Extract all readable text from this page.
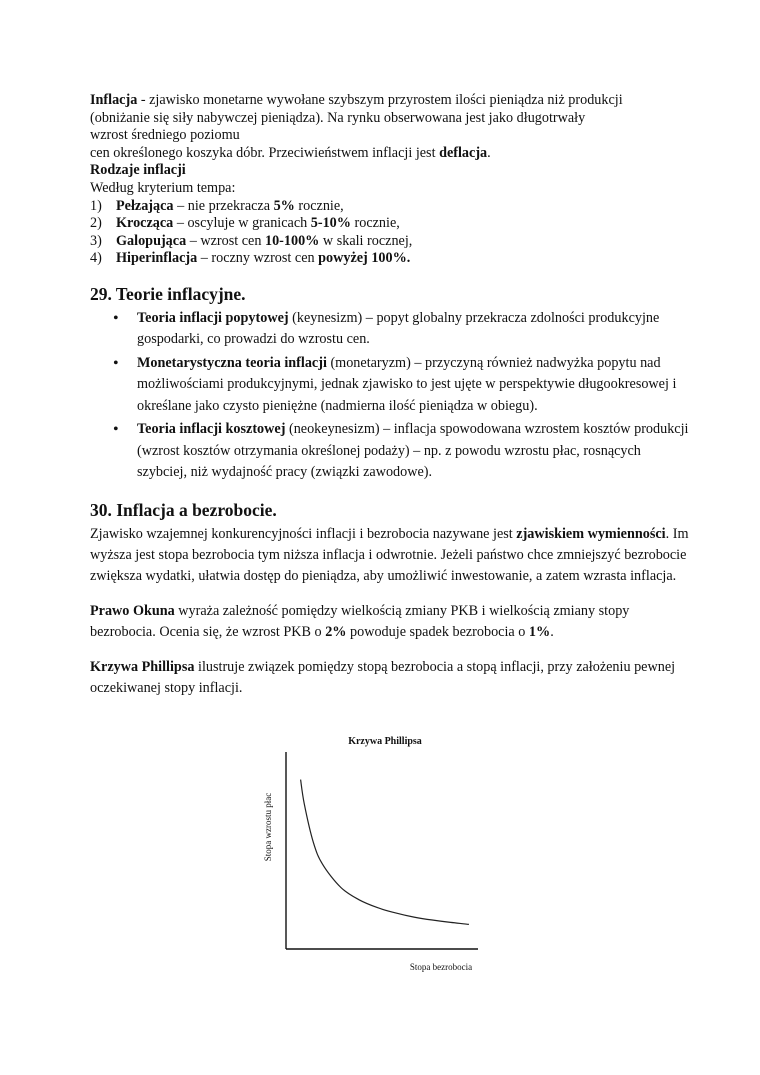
Inflacja - zjawisko monetarne wywołane szybszym przyrostem ilości pieniądza niż produkcji

(obniżanie się siły nabywczej pieniądza). Na rynku obserwowana jest jako długotrwały

wzrost średniego poziomu

cen określonego koszyka dóbr. Przeciwieństwem inflacji jest deflacja.

Rodzaje inflacji

Według kryterium tempa:

1) Pełzająca – nie przekracza 5% rocznie,
2) Krocząca – oscyluje w granicach 5-10% rocznie,
3) Galopująca – wzrost cen 10-100% w skali rocznej,
4) Hiperinflacja – roczny wzrost cen powyżej 100%.
29. Teorie inflacyjne.
• Teoria inflacji popytowej (keynesizm) – popyt globalny przekracza zdolności produkcyjne gospodarki, co prowadzi do wzrostu cen.
• Monetarystyczna teoria inflacji (monetaryzm) – przyczyną również nadwyżka popytu nad możliwościami produkcyjnymi, jednak zjawisko to jest ujęte w perspektywie długookresowej i określane jako czysto pieniężne (nadmierna ilość pieniądza w obiegu).
• Teoria inflacji kosztowej (neokeynesizm) – inflacja spowodowana wzrostem kosztów produkcji (wzrost kosztów otrzymania określonej podaży) – np. z powodu wzrostu płac, rosnących szybciej, niż wydajność pracy (związki zawodowe).
30. Inflacja a bezrobocie.

Zjawisko wzajemnej konkurencyjności inflacji i bezrobocia nazywane jest zjawiskiem wymienności. Im wyższa jest stopa bezrobocia tym niższa inflacja i odwrotnie. Jeżeli państwo chce zmniejszyć bezrobocie zwiększa wydatki, ułatwia dostęp do pieniądza, aby umożliwić inwestowanie, a zatem wzrasta inflacja.

Prawo Okuna wyraża zależność pomiędzy wielkością zmiany PKB i wielkością zmiany stopy bezrobocia. Ocenia się, że wzrost PKB o 2% powoduje spadek bezrobocia o 1%.

Krzywa Phillipsa ilustruje związek pomiędzy stopą bezrobocia a stopą inflacji, przy założeniu pewnej oczekiwanej stopy inflacji.

Krzywa Phillipsa
Stopa wzrostu płac
Stopa bezrobocia
